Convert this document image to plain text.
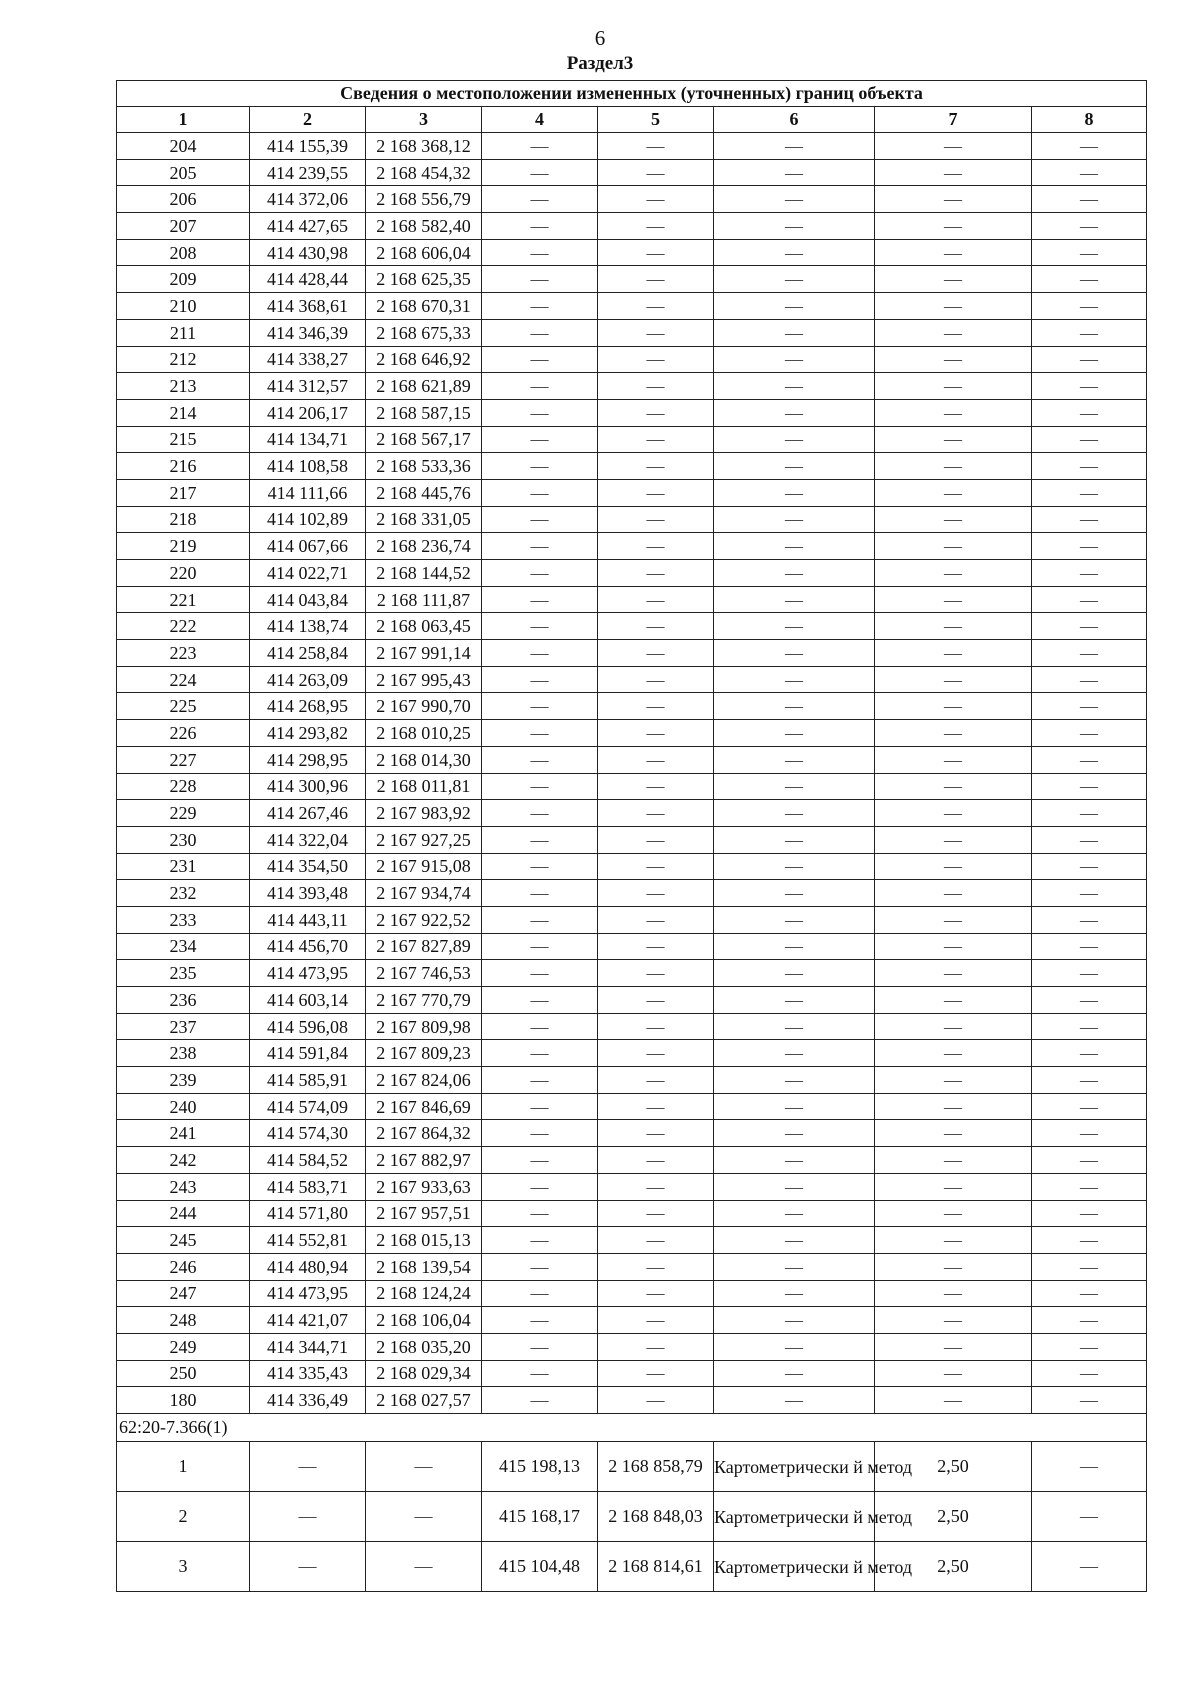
6
Раздел3
Сведения о местоположении измененных (уточненных) границ объекта							
1	2	3	4	5	6	7	8
204	414 155,39	2 168 368,12	—	—	—	—	—
205	414 239,55	2 168 454,32	—	—	—	—	—
206	414 372,06	2 168 556,79	—	—	—	—	—
207	414 427,65	2 168 582,40	—	—	—	—	—
208	414 430,98	2 168 606,04	—	—	—	—	—
209	414 428,44	2 168 625,35	—	—	—	—	—
210	414 368,61	2 168 670,31	—	—	—	—	—
211	414 346,39	2 168 675,33	—	—	—	—	—
212	414 338,27	2 168 646,92	—	—	—	—	—
213	414 312,57	2 168 621,89	—	—	—	—	—
214	414 206,17	2 168 587,15	—	—	—	—	—
215	414 134,71	2 168 567,17	—	—	—	—	—
216	414 108,58	2 168 533,36	—	—	—	—	—
217	414 111,66	2 168 445,76	—	—	—	—	—
218	414 102,89	2 168 331,05	—	—	—	—	—
219	414 067,66	2 168 236,74	—	—	—	—	—
220	414 022,71	2 168 144,52	—	—	—	—	—
221	414 043,84	2 168 111,87	—	—	—	—	—
222	414 138,74	2 168 063,45	—	—	—	—	—
223	414 258,84	2 167 991,14	—	—	—	—	—
224	414 263,09	2 167 995,43	—	—	—	—	—
225	414 268,95	2 167 990,70	—	—	—	—	—
226	414 293,82	2 168 010,25	—	—	—	—	—
227	414 298,95	2 168 014,30	—	—	—	—	—
228	414 300,96	2 168 011,81	—	—	—	—	—
229	414 267,46	2 167 983,92	—	—	—	—	—
230	414 322,04	2 167 927,25	—	—	—	—	—
231	414 354,50	2 167 915,08	—	—	—	—	—
232	414 393,48	2 167 934,74	—	—	—	—	—
233	414 443,11	2 167 922,52	—	—	—	—	—
234	414 456,70	2 167 827,89	—	—	—	—	—
235	414 473,95	2 167 746,53	—	—	—	—	—
236	414 603,14	2 167 770,79	—	—	—	—	—
237	414 596,08	2 167 809,98	—	—	—	—	—
238	414 591,84	2 167 809,23	—	—	—	—	—
239	414 585,91	2 167 824,06	—	—	—	—	—
240	414 574,09	2 167 846,69	—	—	—	—	—
241	414 574,30	2 167 864,32	—	—	—	—	—
242	414 584,52	2 167 882,97	—	—	—	—	—
243	414 583,71	2 167 933,63	—	—	—	—	—
244	414 571,80	2 167 957,51	—	—	—	—	—
245	414 552,81	2 168 015,13	—	—	—	—	—
246	414 480,94	2 168 139,54	—	—	—	—	—
247	414 473,95	2 168 124,24	—	—	—	—	—
248	414 421,07	2 168 106,04	—	—	—	—	—
249	414 344,71	2 168 035,20	—	—	—	—	—
250	414 335,43	2 168 029,34	—	—	—	—	—
180	414 336,49	2 168 027,57	—	—	—	—	—
62:20-7.366(1)							
1	—	—	415 198,13	2 168 858,79	Картометрически й метод	2,50	—
2	—	—	415 168,17	2 168 848,03	Картометрически й метод	2,50	—
3	—	—	415 104,48	2 168 814,61	Картометрически й метод	2,50	—
